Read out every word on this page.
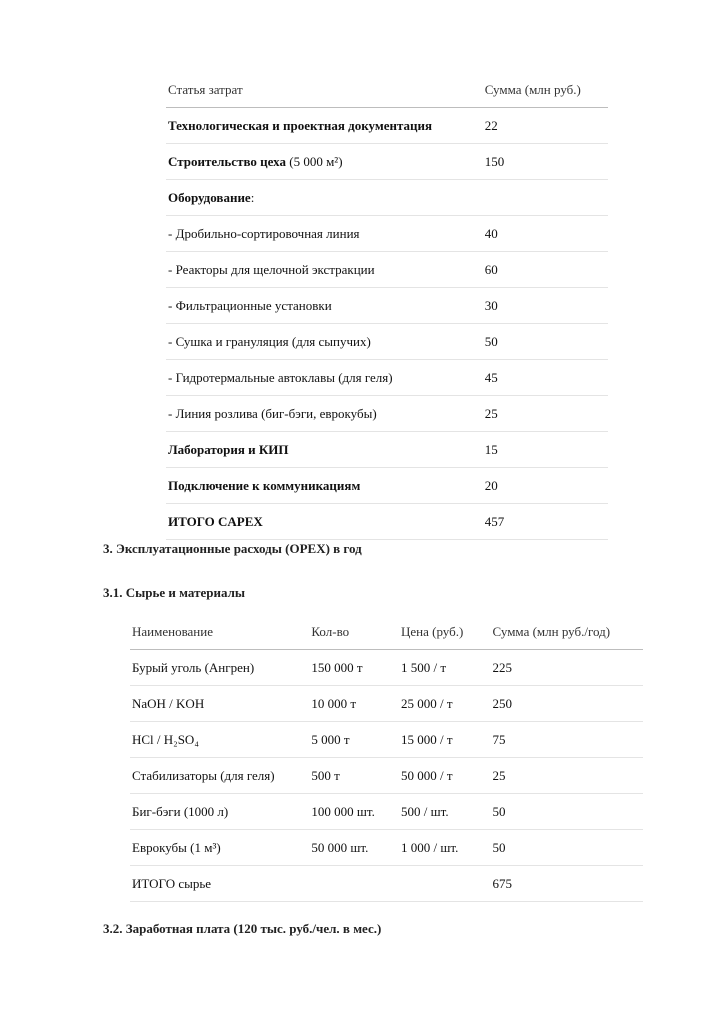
Статья затрат	Сумма (млн руб.)
Технологическая и проектная документация	22
Строительство цеха (5 000 м²)	150
Оборудование:	
- Дробильно-сортировочная линия	40
- Реакторы для щелочной экстракции	60
- Фильтрационные установки	30
- Сушка и грануляция (для сыпучих)	50
- Гидротермальные автоклавы (для геля)	45
- Линия розлива (биг-бэги, еврокубы)	25
Лаборатория и КИП	15
Подключение к коммуникациям	20
ИТОГО CAPEX	457
3. Эксплуатационные расходы (OPEX) в год
3.1. Сырье и материалы
Наименование	Кол-во	Цена (руб.)	Сумма (млн руб./год)
Бурый уголь (Ангрен)	150 000 т	1 500 / т	225
NaOH / KOH	10 000 т	25 000 / т	250
HCl / H₂SO₄	5 000 т	15 000 / т	75
Стабилизаторы (для геля)	500 т	50 000 / т	25
Биг-бэги (1000 л)	100 000 шт.	500 / шт.	50
Еврокубы (1 м³)	50 000 шт.	1 000 / шт.	50
ИТОГО сырье			675
3.2. Заработная плата (120 тыс. руб./чел. в мес.)
